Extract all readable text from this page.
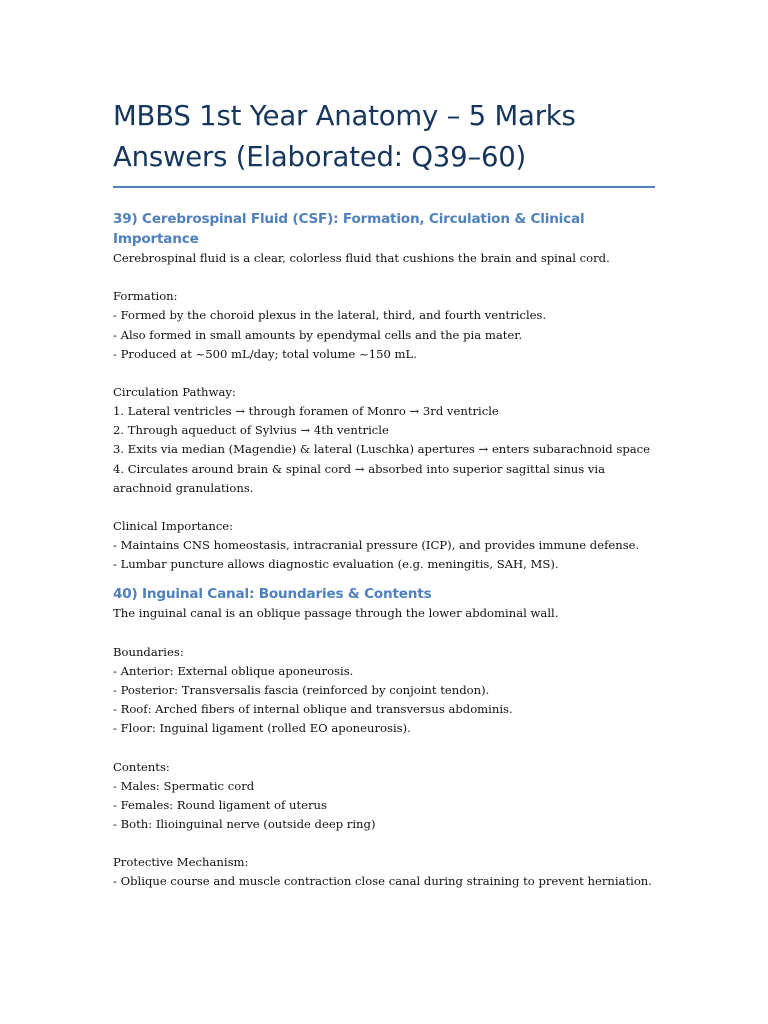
MBBS 1st Year Anatomy – 5 Marks
Answers (Elaborated: Q39–60)
39) Cerebrospinal Fluid (CSF): Formation, Circulation & Clinical Importance
Cerebrospinal fluid is a clear, colorless fluid that cushions the brain and spinal cord.
Formation:
- Formed by the choroid plexus in the lateral, third, and fourth ventricles.
- Also formed in small amounts by ependymal cells and the pia mater.
- Produced at ~500 mL/day; total volume ~150 mL.
Circulation Pathway:
1. Lateral ventricles → through foramen of Monro → 3rd ventricle
2. Through aqueduct of Sylvius → 4th ventricle
3. Exits via median (Magendie) & lateral (Luschka) apertures → enters subarachnoid space
4. Circulates around brain & spinal cord → absorbed into superior sagittal sinus via
arachnoid granulations.
Clinical Importance:
- Maintains CNS homeostasis, intracranial pressure (ICP), and provides immune defense.
- Lumbar puncture allows diagnostic evaluation (e.g. meningitis, SAH, MS).
40) Inguinal Canal: Boundaries & Contents
The inguinal canal is an oblique passage through the lower abdominal wall.
Boundaries:
- Anterior: External oblique aponeurosis.
- Posterior: Transversalis fascia (reinforced by conjoint tendon).
- Roof: Arched fibers of internal oblique and transversus abdominis.
- Floor: Inguinal ligament (rolled EO aponeurosis).
Contents:
- Males: Spermatic cord
- Females: Round ligament of uterus
- Both: Ilioinguinal nerve (outside deep ring)
Protective Mechanism:
- Oblique course and muscle contraction close canal during straining to prevent herniation.
